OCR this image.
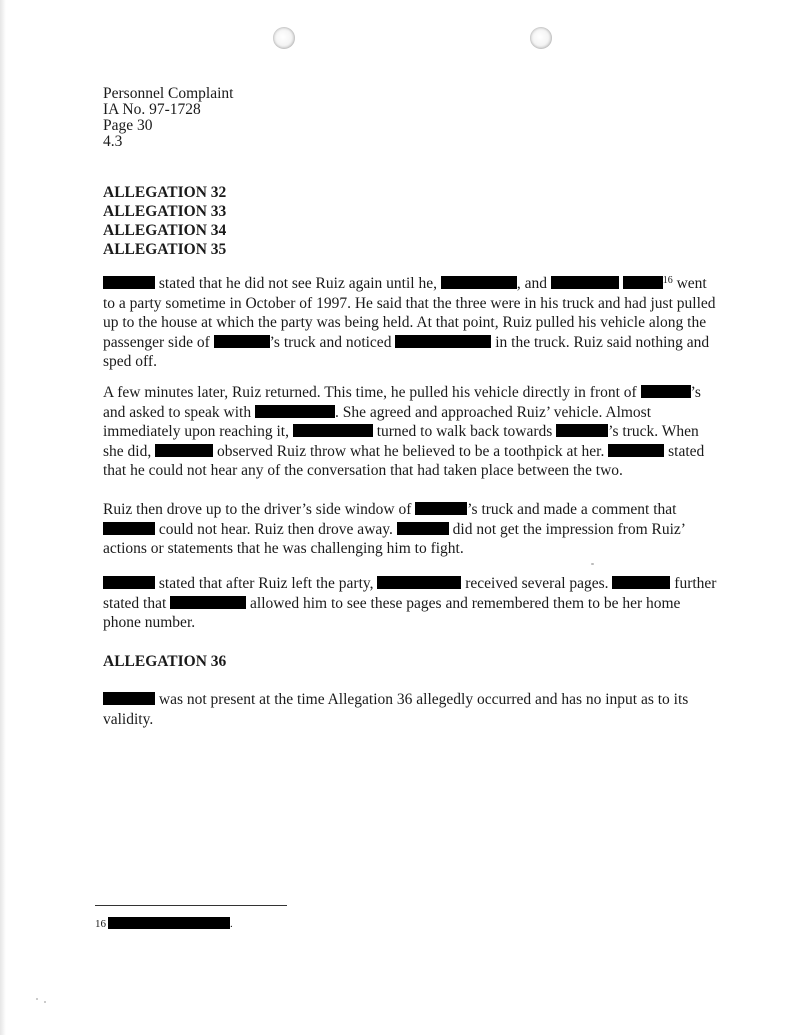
Personnel Complaint
IA No. 97-1728
Page 30
4.3
ALLEGATION 32
ALLEGATION 33
ALLEGATION 34
ALLEGATION 35
stated that he did not see Ruiz again until he,	, and	$^{16}$ went to a party sometime in October of 1997. He said that the three were in his truck and had just pulled up to the house at which the party was being held. At that point, Ruiz pulled his vehicle along the passenger side of	’s truck and noticed	in the truck. Ruiz said nothing and sped off.
A few minutes later, Ruiz returned. This time, he pulled his vehicle directly in front of	’s and asked to speak with	. She agreed and approached Ruiz’ vehicle. Almost immediately upon reaching it,	turned to walk back towards	’s truck. When she did,	observed Ruiz throw what he believed to be a toothpick at her.	stated that he could not hear any of the conversation that had taken place between the two.
Ruiz then drove up to the driver’s side window of	’s truck and made a comment that  could not hear. Ruiz then drove away.	did not get the impression from Ruiz’ actions or statements that he was challenging him to fight.
stated that after Ruiz left the party,	received several pages.	further stated that	allowed him to see these pages and remembered them to be her home phone number.
ALLEGATION 36
was not present at the time Allegation 36 allegedly occurred and has no input as to its validity.
16	.
